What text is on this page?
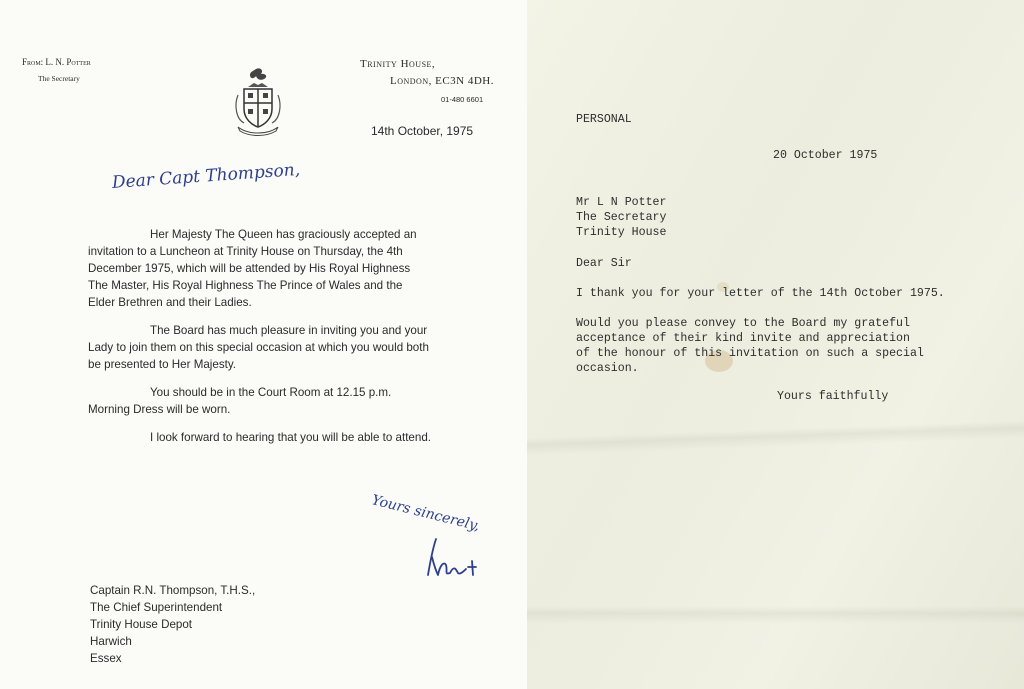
From: L. N. Potter
The Secretary
Trinity House,
London, EC3N 4DH.
01-480 6601
14th October, 1975
Dear Capt Thompson,
Her Majesty The Queen has graciously accepted an
invitation to a Luncheon at Trinity House on Thursday, the 4th
December 1975, which will be attended by His Royal Highness
The Master, His Royal Highness The Prince of Wales and the
Elder Brethren and their Ladies.
The Board has much pleasure in inviting you and your
Lady to join them on this special occasion at which you would both
be presented to Her Majesty.
You should be in the Court Room at 12.15 p.m.
Morning Dress will be worn.
I look forward to hearing that you will be able to attend.
Yours sincerely,
Captain R.N. Thompson, T.H.S.,
The Chief Superintendent
Trinity House Depot
Harwich
Essex
PERSONAL
20 October 1975
Mr L N Potter
The Secretary
Trinity House
Dear Sir
I thank you for your letter of the 14th October 1975.
Would you please convey to the Board my grateful
acceptance of their kind invite and appreciation
of the honour of this invitation on such a special
occasion.
Yours faithfully
